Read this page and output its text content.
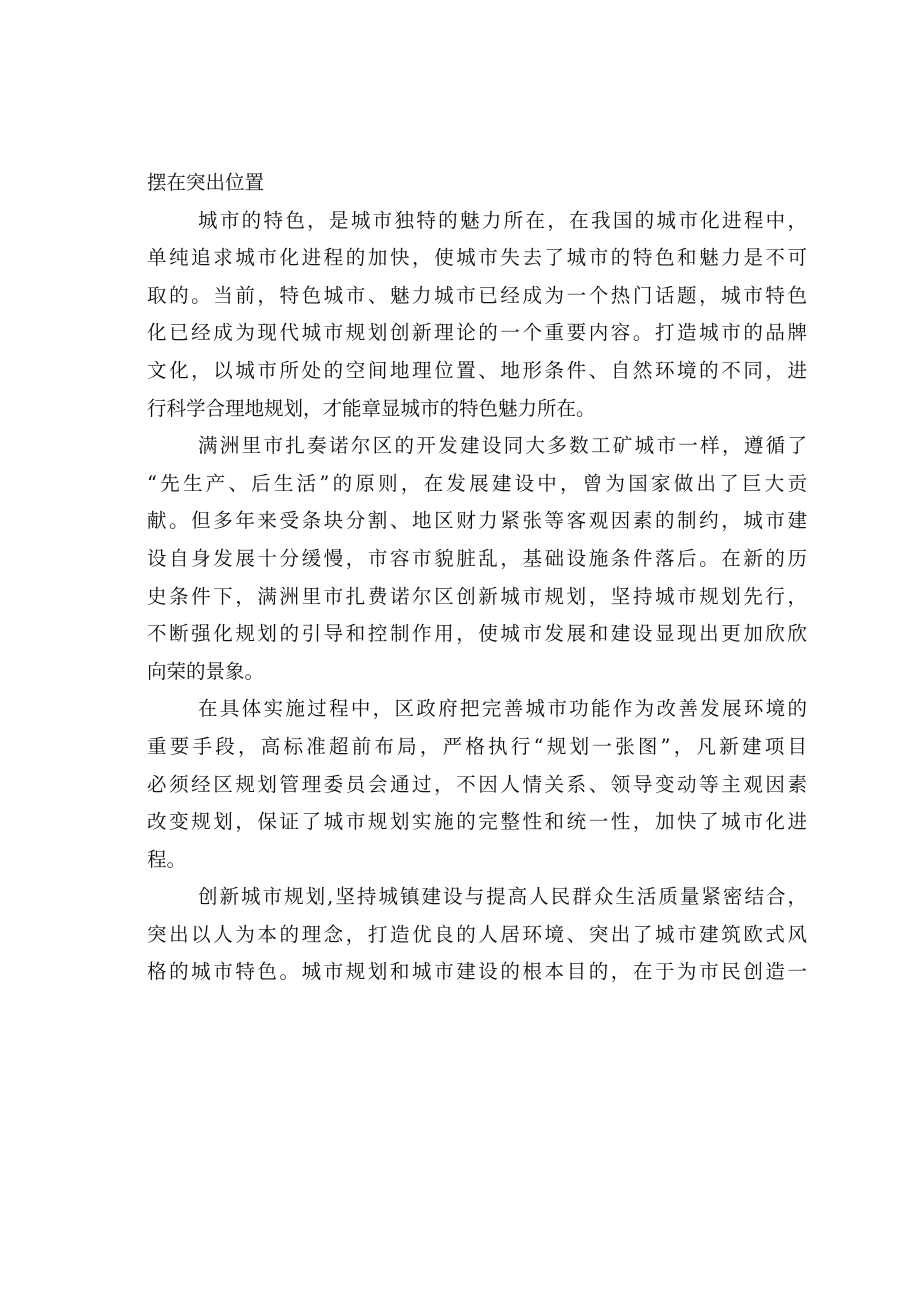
摆在突出位置
城市的特色，是城市独特的魅力所在，在我国的城市化进程中，
单纯追求城市化进程的加快，使城市失去了城市的特色和魅力是不可
取的。当前，特色城市、魅力城市已经成为一个热门话题，城市特色
化已经成为现代城市规划创新理论的一个重要内容。打造城市的品牌
文化，以城市所处的空间地理位置、地形条件、自然环境的不同，进
行科学合理地规划，才能章显城市的特色魅力所在。
满洲里市扎奏诺尔区的开发建设同大多数工矿城市一样，遵循了
“先生产、后生活”的原则，在发展建设中，曾为国家做出了巨大贡
献。但多年来受条块分割、地区财力紧张等客观因素的制约，城市建
设自身发展十分缓慢，市容市貌脏乱，基础设施条件落后。在新的历
史条件下，满洲里市扎费诺尔区创新城市规划，坚持城市规划先行，
不断强化规划的引导和控制作用，使城市发展和建设显现出更加欣欣
向荣的景象。
在具体实施过程中，区政府把完善城市功能作为改善发展环境的
重要手段，高标准超前布局，严格执行“规划一张图”，凡新建项目
必须经区规划管理委员会通过，不因人情关系、领导变动等主观因素
改变规划，保证了城市规划实施的完整性和统一性，加快了城市化进
程。
创新城市规划,坚持城镇建设与提高人民群众生活质量紧密结合，
突出以人为本的理念，打造优良的人居环境、突出了城市建筑欧式风
格的城市特色。城市规划和城市建设的根本目的，在于为市民创造一
